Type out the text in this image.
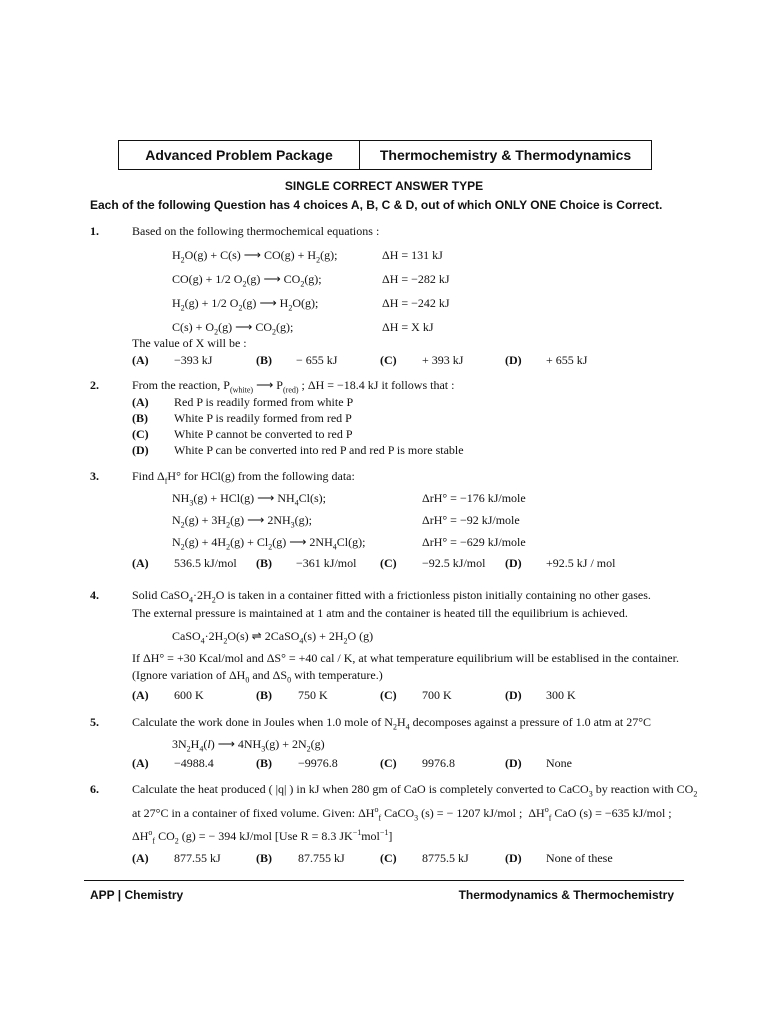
Advanced Problem Package	Thermochemistry & Thermodynamics
SINGLE CORRECT ANSWER TYPE
Each of the following Question has 4 choices A, B, C & D, out of which ONLY ONE Choice is Correct.
1.	Based on the following thermochemical equations :
$H_2O(g) + C(s)$ ⟶ $CO(g) + H_2(g)$;	ΔH = 131 kJ
CO(g) + 1/2 $O_2(g)$ ⟶ $CO_2(g)$;	ΔH = −282 kJ
$H_2(g) + 1/2$ $O_2(g)$ ⟶ $H_2O(g)$;	ΔH = −242 kJ
$C(s) + O_2(g)$ ⟶ $CO_2(g)$;	ΔH = X kJ
The value of X will be :
(A) −393 kJ	(B) − 655 kJ	(C) + 393 kJ	(D) + 655 kJ
2.	From the reaction, $P_{(white)}$ ⟶ $P_{(red)}$ ; ΔH = −18.4 kJ it follows that :
(A) Red P is readily formed from white P
(B) White P is readily formed from red P
(C) White P cannot be converted to red P
(D) White P can be converted into red P and red P is more stable
3.	Find $\Delta_fH^\circ$ for HCl(g) from the following data:
$NH_3(g) + HCl(g)$ ⟶ $NH_4Cl(s)$;	ΔrH° = −176 kJ/mole
$N_2(g) + 3H_2(g)$ ⟶ $2NH_3(g)$;	ΔrH° = −92 kJ/mole
$N_2(g) + 4H_2(g) + Cl_2(g)$ ⟶ $2NH_4Cl(g)$;	ΔrH° = −629 kJ/mole
(A) 536.5 kJ/mol (B) −361 kJ/mol (C) −92.5 kJ/mol (D) +92.5 kJ / mol
4.	Solid $CaSO_4\cdot 2H_2O$ is taken in a container fitted with a frictionless piston initially containing no other gases.
The external pressure is maintained at 1 atm and the container is heated till the equilibrium is achieved.
$CaSO_4\cdot 2H_2O(s)$ ⇌ 2CaSO$_4$(s) + $2H_2O$ (g)
If ΔH° = +30 Kcal/mol and ΔS° = +40 cal / K, at what temperature equilibrium will be establised in the container.
(Ignore variation of $\Delta H_0$ and $\Delta S_0$ with temperature.)
(A) 600 K	(B) 750 K	(C) 700 K	(D) 300 K
5.	Calculate the work done in Joules when 1.0 mole of $N_2H_4$ decomposes against a pressure of 1.0 atm at 27°C
$3N_2H_4(l)$ ⟶ $4NH_3(g) + 2N_2(g)$
(A) −4988.4	(B) −9976.8	(C) 9976.8	(D) None
6.	Calculate the heat produced ( |q| ) in kJ when 280 gm of CaO is completely converted to CaCO$_3$ by reaction with $CO_2$
at 27°C in a container of fixed volume. Given: $\Delta H^o_f$ CaCO$_3$ (s) = − 1207 kJ/mol ;  $\Delta H^o_f$ CaO (s) = −635 kJ/mol ;
$\Delta H^o_f$ $CO_2$ (g) = − 394 kJ/mol [Use R = 8.3 $JK^{-1}mol^{-1}$]
(A) 877.55 kJ	(B) 87.755 kJ	(C) 8775.5 kJ	(D) None of these
APP | Chemistry	Thermodynamics & Thermochemistry
